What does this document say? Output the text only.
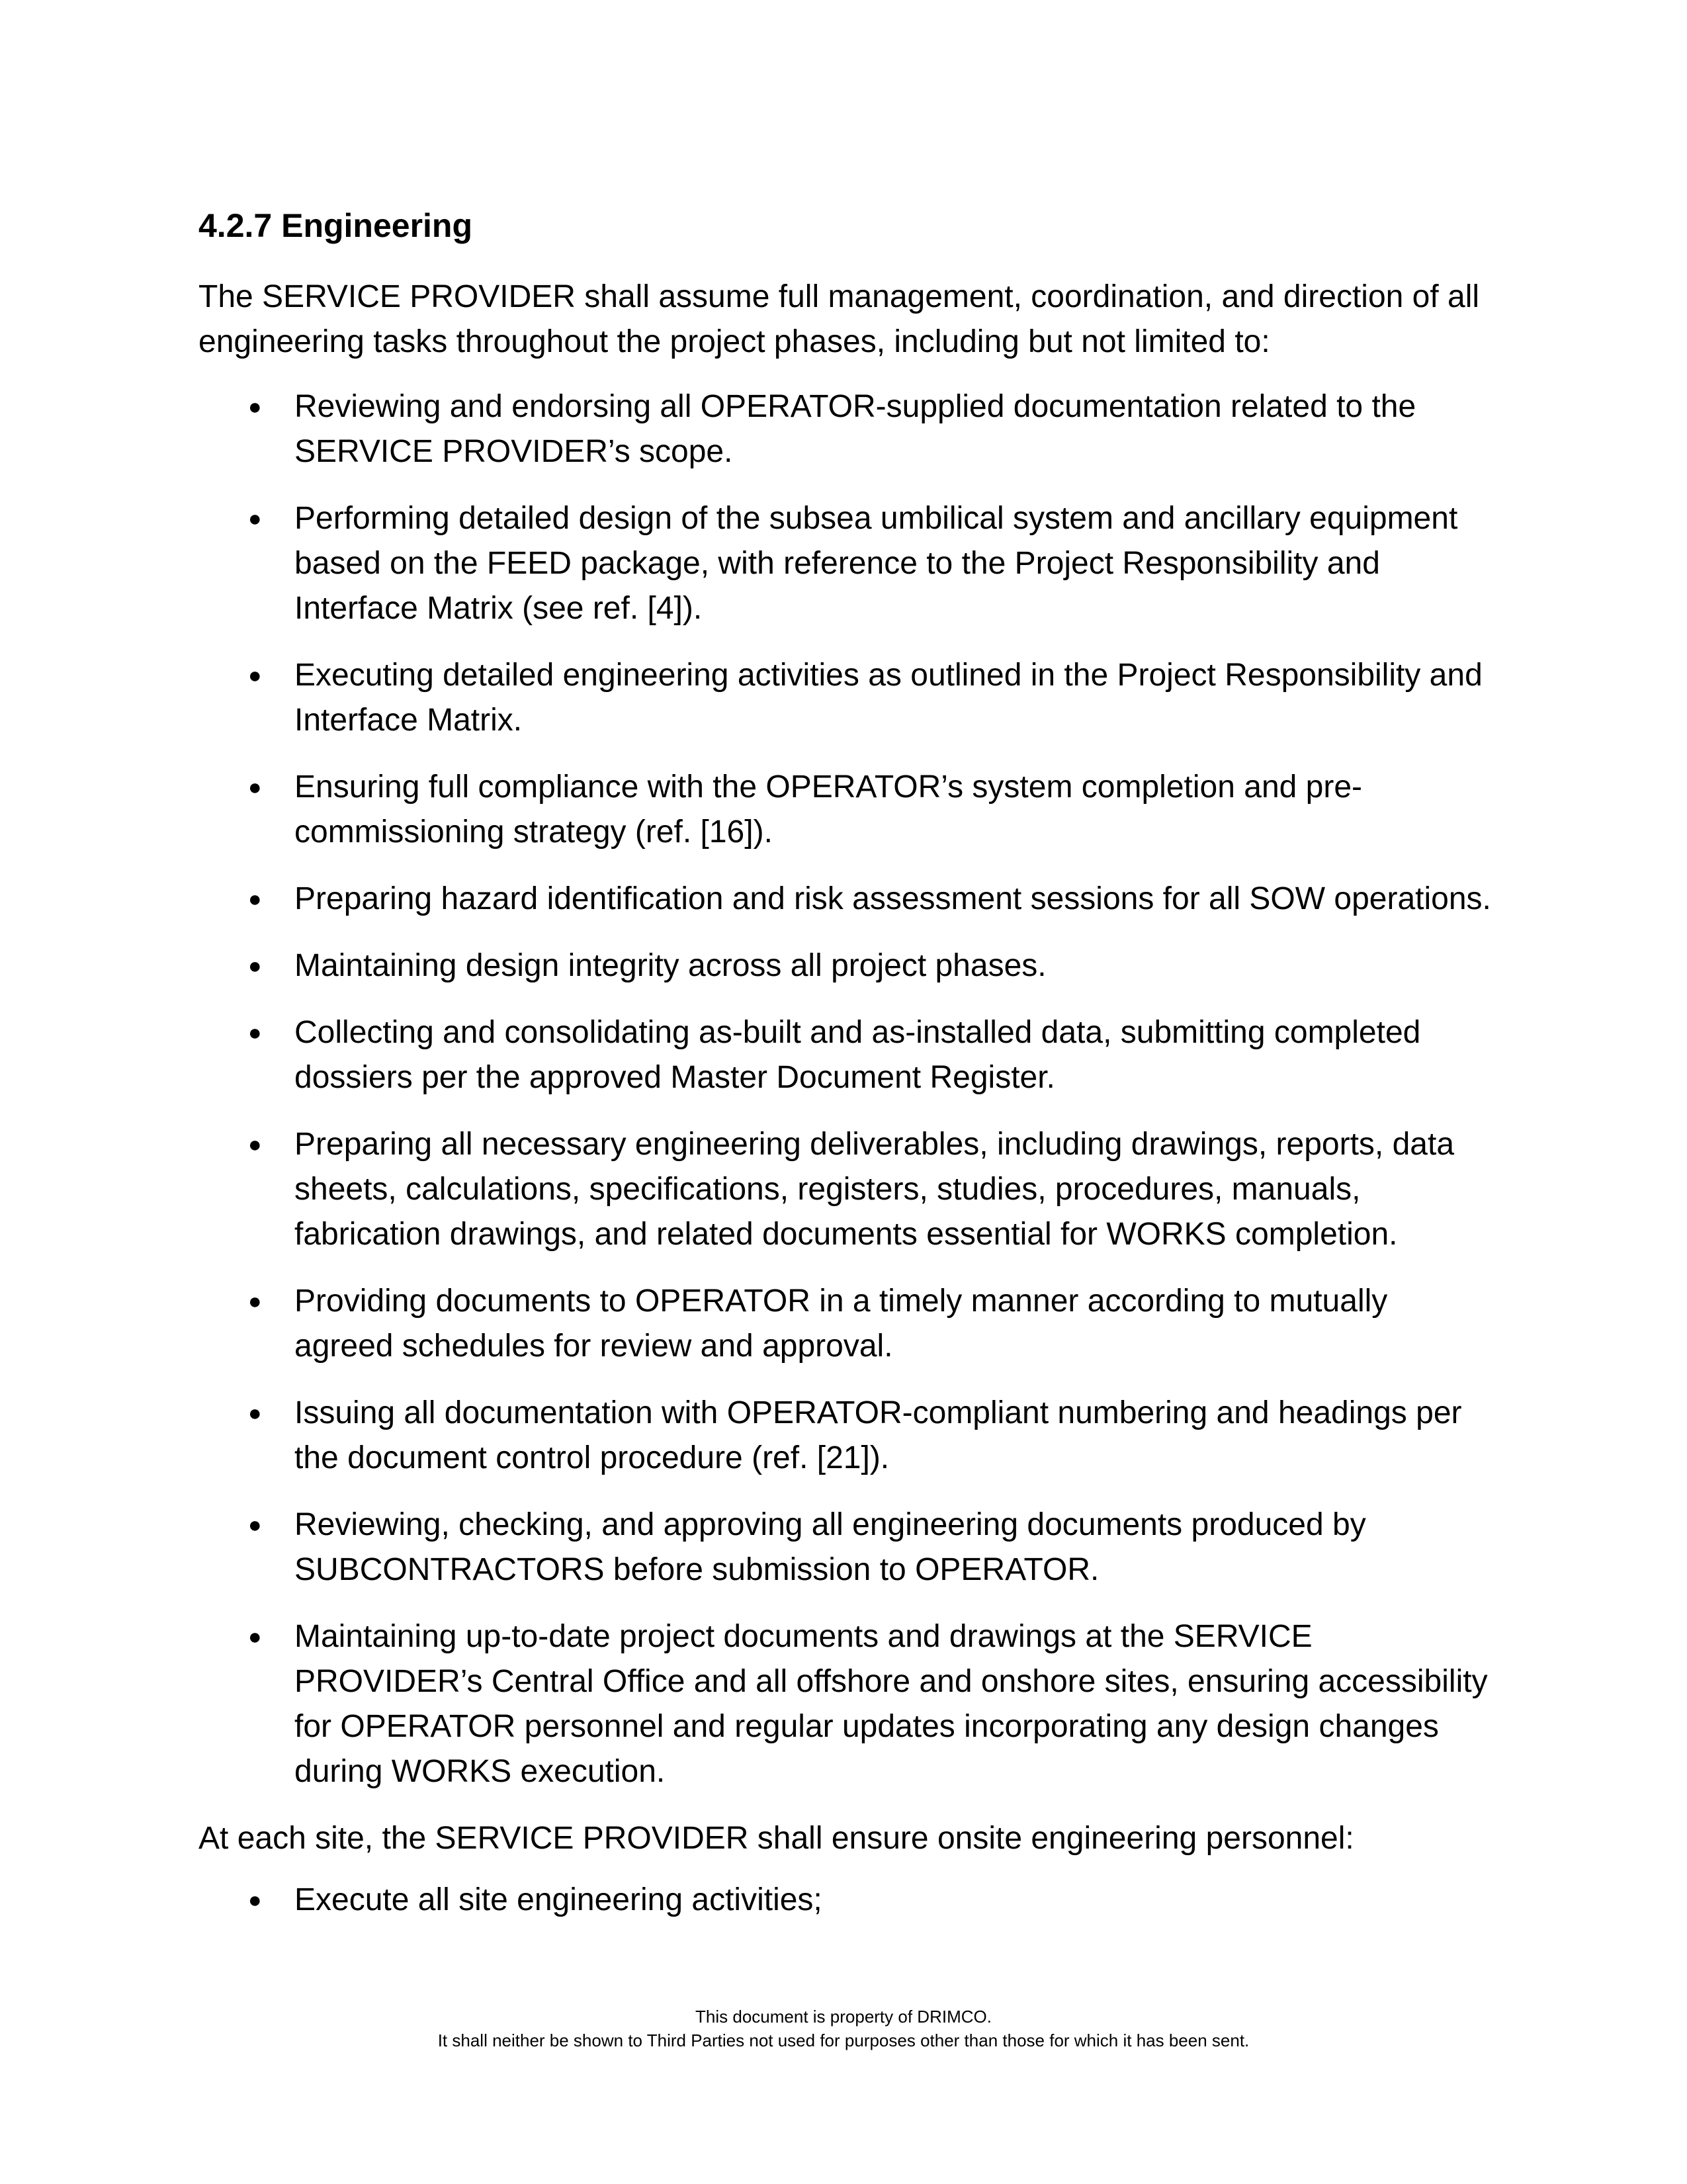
4.2.7 Engineering

The SERVICE PROVIDER shall assume full management, coordination, and direction of all engineering tasks throughout the project phases, including but not limited to:

● Reviewing and endorsing all OPERATOR-supplied documentation related to the SERVICE PROVIDER’s scope.
● Performing detailed design of the subsea umbilical system and ancillary equipment based on the FEED package, with reference to the Project Responsibility and Interface Matrix (see ref. [4]).
● Executing detailed engineering activities as outlined in the Project Responsibility and Interface Matrix.
● Ensuring full compliance with the OPERATOR’s system completion and pre-commissioning strategy (ref. [16]).
● Preparing hazard identification and risk assessment sessions for all SOW operations.
● Maintaining design integrity across all project phases.
● Collecting and consolidating as-built and as-installed data, submitting completed dossiers per the approved Master Document Register.
● Preparing all necessary engineering deliverables, including drawings, reports, data sheets, calculations, specifications, registers, studies, procedures, manuals, fabrication drawings, and related documents essential for WORKS completion.
● Providing documents to OPERATOR in a timely manner according to mutually agreed schedules for review and approval.
● Issuing all documentation with OPERATOR-compliant numbering and headings per the document control procedure (ref. [21]).
● Reviewing, checking, and approving all engineering documents produced by SUBCONTRACTORS before submission to OPERATOR.
● Maintaining up-to-date project documents and drawings at the SERVICE PROVIDER’s Central Office and all offshore and onshore sites, ensuring accessibility for OPERATOR personnel and regular updates incorporating any design changes during WORKS execution.

At each site, the SERVICE PROVIDER shall ensure onsite engineering personnel:

● Execute all site engineering activities;
This document is property of DRIMCO.
It shall neither be shown to Third Parties not used for purposes other than those for which it has been sent.
